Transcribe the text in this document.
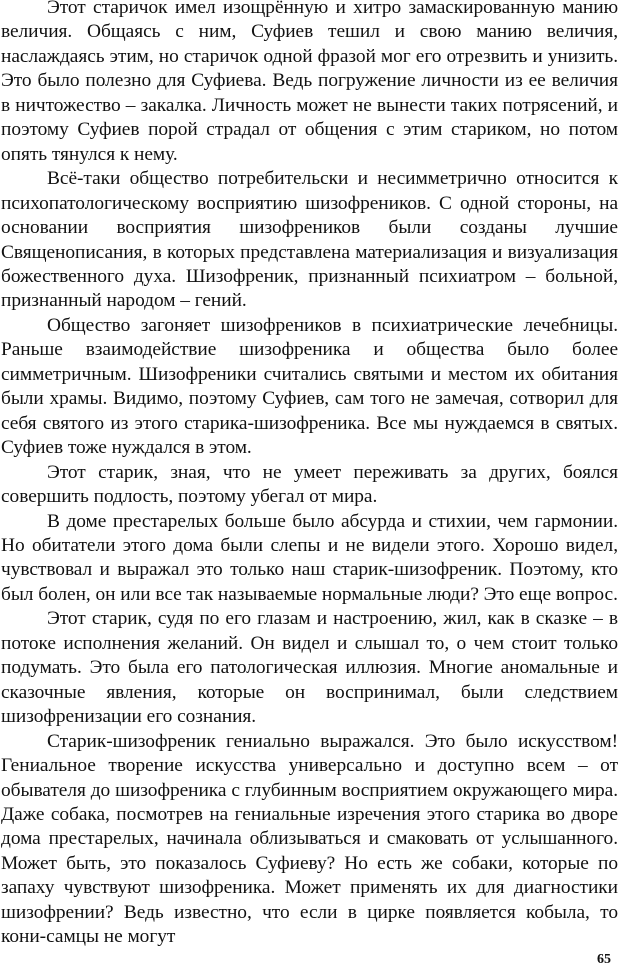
Этот старичок имел изощрённую и хитро замаскированную манию величия. Общаясь с ним, Суфиев тешил и свою манию величия, наслаждаясь этим, но старичок одной фразой мог его отрезвить и унизить. Это было полезно для Суфиева. Ведь погружение личности из ее величия в ничтожество – закалка. Личность может не вынести таких потрясений, и поэтому Суфиев порой страдал от общения с этим стариком, но потом опять тянулся к нему.

Всё-таки общество потребительски и несимметрично относится к психопатологическому восприятию шизофреников. С одной стороны, на основании восприятия шизофреников были созданы лучшие Священописания, в которых представлена материализация и визуализация божественного духа. Шизофреник, признанный психиатром – больной, признанный народом – гений.

Общество загоняет шизофреников в психиатрические лечебницы. Раньше взаимодействие шизофреника и общества было более симметричным. Шизофреники считались святыми и местом их обитания были храмы. Видимо, поэтому Суфиев, сам того не замечая, сотворил для себя святого из этого старика-шизофреника. Все мы нуждаемся в святых. Суфиев тоже нуждался в этом.

Этот старик, зная, что не умеет переживать за других, боялся совершить подлость, поэтому убегал от мира.

В доме престарелых больше было абсурда и стихии, чем гармонии. Но обитатели этого дома были слепы и не видели этого. Хорошо видел, чувствовал и выражал это только наш старик-шизофреник. Поэтому, кто был болен, он или все так называемые нормальные люди? Это еще вопрос.

Этот старик, судя по его глазам и настроению, жил, как в сказке – в потоке исполнения желаний. Он видел и слышал то, о чем стоит только подумать. Это была его патологическая иллюзия. Многие аномальные и сказочные явления, которые он воспринимал, были следствием шизофренизации его сознания.

Старик-шизофреник гениально выражался. Это было искусством! Гениальное творение искусства универсально и доступно всем – от обывателя до шизофреника с глубинным восприятием окружающего мира. Даже собака, посмотрев на гениальные изречения этого старика во дворе дома престарелых, начинала облизываться и смаковать от услышанного. Может быть, это показалось Суфиеву? Но есть же собаки, которые по запаху чувствуют шизофреника. Может применять их для диагностики шизофрении? Ведь известно, что если в цирке появляется кобыла, то кони-самцы не могут

65
